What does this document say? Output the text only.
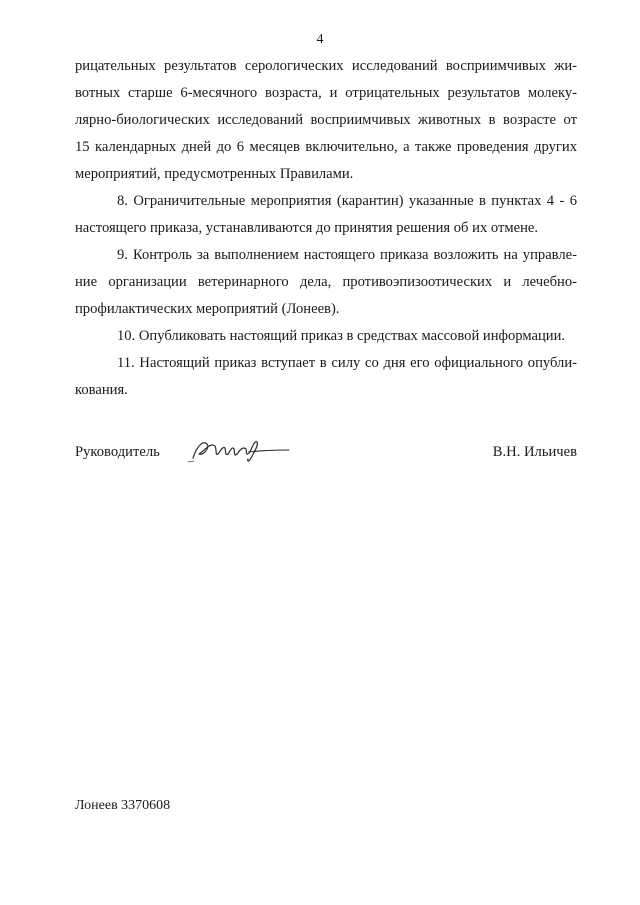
4

рицательных результатов серологических исследований восприимчивых жи-
вотных старше 6-месячного возраста, и отрицательных результатов молеку-
лярно-биологических исследований восприимчивых животных в возрасте от
15 календарных дней до 6 месяцев включительно, а также проведения других
мероприятий, предусмотренных Правилами.

8. Ограничительные мероприятия (карантин) указанные в пунктах 4 - 6
настоящего приказа, устанавливаются до принятия решения об их отмене.

9. Контроль за выполнением настоящего приказа возложить на управле-
ние организации ветеринарного дела, противоэпизоотических и лечебно-
профилактических мероприятий (Лонеев).

10. Опубликовать настоящий приказ в средствах массовой информации.

11. Настоящий приказ вступает в силу со дня его официального опубли-
кования.

Руководитель	В.Н. Ильичев
Лонеев 3370608
